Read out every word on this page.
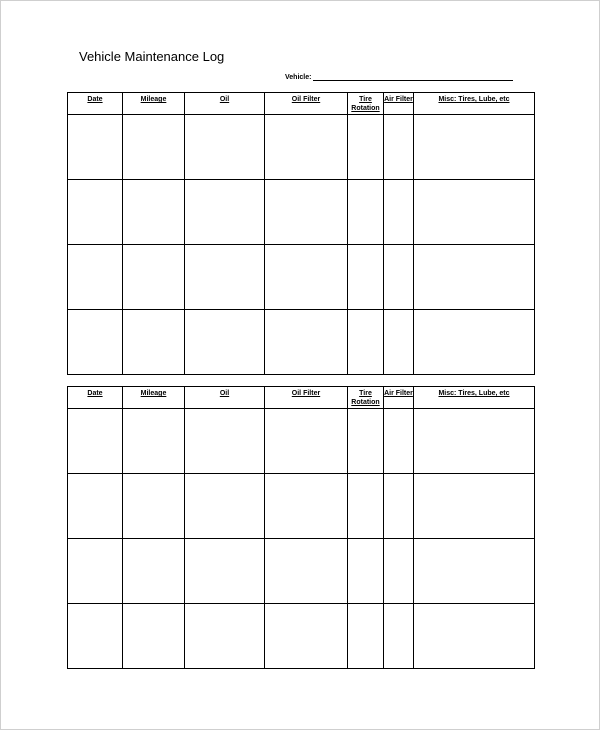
Vehicle Maintenance Log
Vehicle:
Date	Mileage	Oil	Oil Filter	Tire Rotation	Air Filter	Misc: Tires, Lube, etc

Date	Mileage	Oil	Oil Filter	Tire Rotation	Air Filter	Misc: Tires, Lube, etc
